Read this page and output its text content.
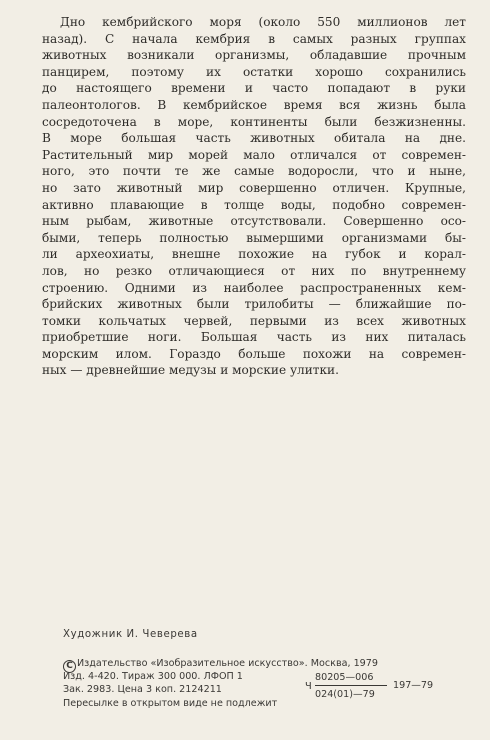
Дно кембрийского моря (около 550 миллионов лет
назад). С начала кембрия в самых разных группах
животных возникали организмы, обладавшие прочным
панцирем, поэтому их остатки хорошо сохранились
до настоящего времени и часто попадают в руки
палеонтологов. В кембрийское время вся жизнь была
сосредоточена в море, континенты были безжизненны.
В море большая часть животных обитала на дне.
Растительный мир морей мало отличался от современ-
ного, это почти те же самые водоросли, что и ныне,
но зато животный мир совершенно отличен. Крупные,
активно плавающие в толще воды, подобно современ-
ным рыбам, животные отсутствовали. Совершенно осо-
быми, теперь полностью вымершими организмами бы-
ли археохиаты, внешне похожие на губок и корал-
лов, но резко отличающиеся от них по внутреннему
строению. Одними из наиболее распространенных кем-
брийских животных были трилобиты — ближайшие по-
томки кольчатых червей, первыми из всех животных
приобретшие ноги. Большая часть из них питалась
морским илом. Гораздо больше похожи на современ-
ных — древнейшие медузы и морские улитки.

Художник И. Чеверева

C Издательство «Изобразительное искусство». Москва, 1979
Изд. 4-420. Тираж 300 000. ЛФОП 1
Зак. 2983. Цена 3 коп. 2124211
Пересылке в открытом виде не подлежит
Ч
80205—006
024(01)—79
197—79
